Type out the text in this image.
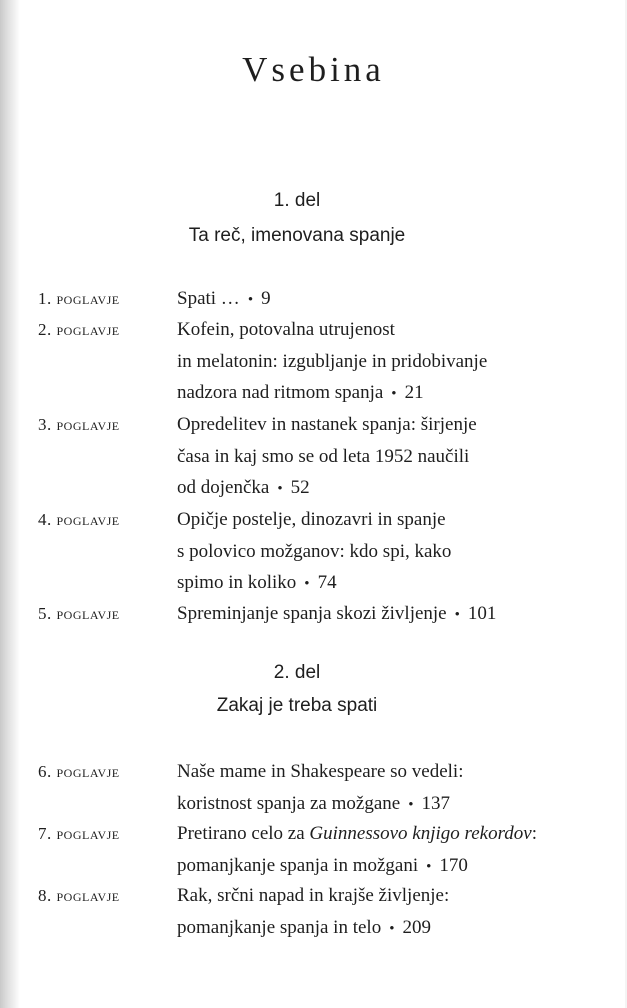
Vsebina
1. del
Ta reč, imenovana spanje
1. poglavje	Spati … • 9
2. poglavje	Kofein, potovalna utrujenost
in melatonin: izgubljanje in pridobivanje
nadzora nad ritmom spanja • 21
3. poglavje	Opredelitev in nastanek spanja: širjenje
časa in kaj smo se od leta 1952 naučili
od dojenčka • 52
4. poglavje	Opičje postelje, dinozavri in spanje
s polovico možganov: kdo spi, kako
spimo in koliko • 74
5. poglavje	Spreminjanje spanja skozi življenje • 101
2. del
Zakaj je treba spati
6. poglavje	Naše mame in Shakespeare so vedeli:
koristnost spanja za možgane • 137
7. poglavje	Pretirano celo za Guinnessovo knjigo rekordov:
pomanjkanje spanja in možgani • 170
8. poglavje	Rak, srčni napad in krajše življenje:
pomanjkanje spanja in telo • 209
